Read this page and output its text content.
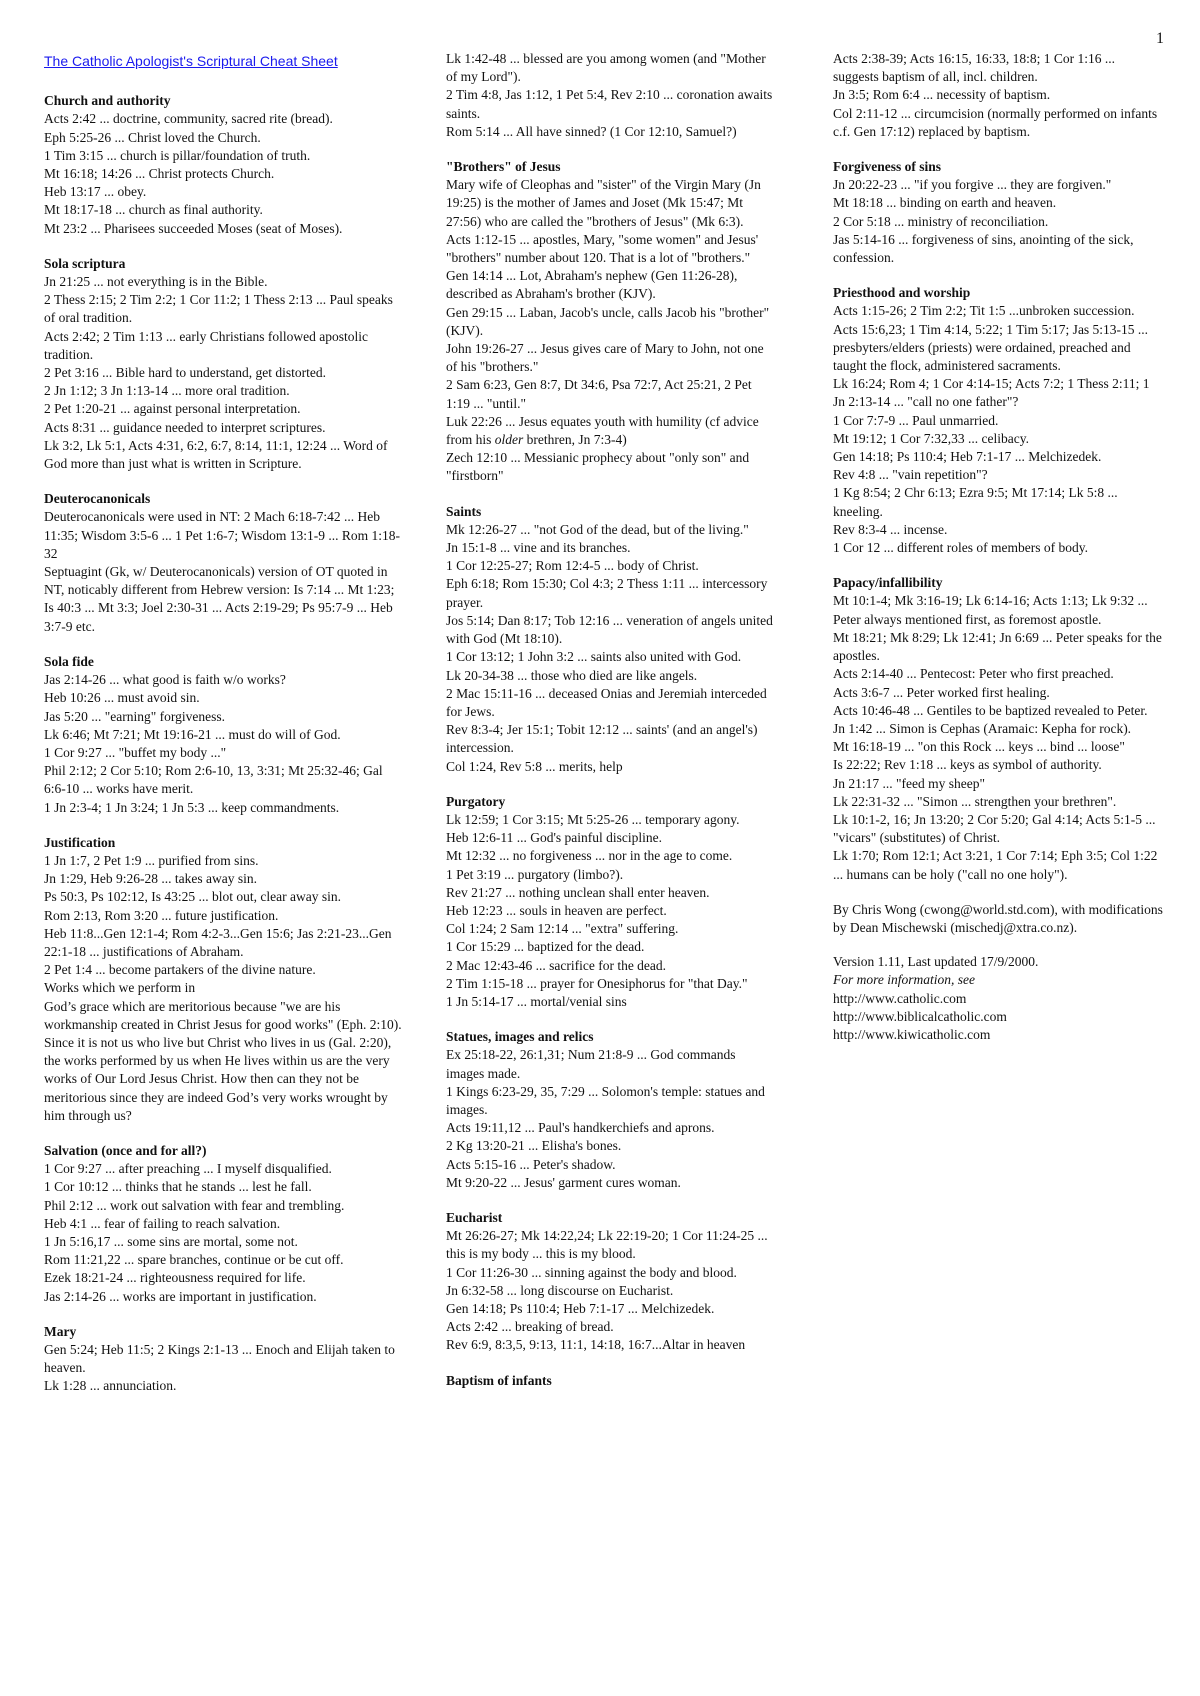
1
The Catholic Apologist's Scriptural Cheat Sheet
Church and authority

Acts 2:42 ... doctrine, community, sacred rite (bread).

Eph 5:25-26 ... Christ loved the Church.

1 Tim 3:15 ... church is pillar/foundation of truth.

Mt 16:18; 14:26 ... Christ protects Church.

Heb 13:17 ... obey.

Mt 18:17-18 ... church as final authority.

Mt 23:2 ... Pharisees succeeded Moses (seat of Moses).

Sola scriptura

Jn 21:25 ... not everything is in the Bible.

2 Thess 2:15; 2 Tim 2:2; 1 Cor 11:2; 1 Thess 2:13 ... Paul speaks of oral tradition.

Acts 2:42; 2 Tim 1:13 ... early Christians followed apostolic tradition.

2 Pet 3:16 ... Bible hard to understand, get distorted.

2 Jn 1:12; 3 Jn 1:13-14 ... more oral tradition.

2 Pet 1:20-21 ... against personal interpretation.

Acts 8:31 ... guidance needed to interpret scriptures.

Lk 3:2, Lk 5:1, Acts 4:31, 6:2, 6:7, 8:14, 11:1, 12:24 ... Word of God more than just what is written in Scripture.

Deuterocanonicals

Deuterocanonicals were used in NT: 2 Mach 6:18-7:42 ... Heb 11:35; Wisdom 3:5-6 ... 1 Pet 1:6-7; Wisdom 13:1-9 ... Rom 1:18-32

Septuagint (Gk, w/ Deuterocanonicals) version of OT quoted in NT, noticably different from Hebrew version: Is 7:14 ... Mt 1:23; Is 40:3 ... Mt 3:3; Joel 2:30-31 ... Acts 2:19-29; Ps 95:7-9 ... Heb 3:7-9 etc.

Sola fide

Jas 2:14-26 ... what good is faith w/o works?

Heb 10:26 ... must avoid sin.

Jas 5:20 ... "earning" forgiveness.

Lk 6:46; Mt 7:21; Mt 19:16-21 ... must do will of God.

1 Cor 9:27 ... "buffet my body ..."

Phil 2:12; 2 Cor 5:10; Rom 2:6-10, 13, 3:31; Mt 25:32-46; Gal 6:6-10 ... works have merit.

1 Jn 2:3-4; 1 Jn 3:24; 1 Jn 5:3 ... keep commandments.

Justification

1 Jn 1:7, 2 Pet 1:9 ... purified from sins.

Jn 1:29, Heb 9:26-28 ... takes away sin.

Ps 50:3, Ps 102:12, Is 43:25 ... blot out, clear away sin.

Rom 2:13, Rom 3:20 ... future justification.

Heb 11:8...Gen 12:1-4; Rom 4:2-3...Gen 15:6; Jas 2:21-23...Gen 22:1-18 ... justifications of Abraham.

2 Pet 1:4 ... become partakers of the divine nature.

Works which we perform in

God’s grace which are meritorious because "we are his workmanship created in Christ Jesus for good works" (Eph. 2:10). Since it is not us who live but Christ who lives in us (Gal. 2:20), the works performed by us when He lives within us are the very works of Our Lord Jesus Christ. How then can they not be meritorious since they are indeed God’s very works wrought by him through us?

Salvation (once and for all?)

1 Cor 9:27 ... after preaching ... I myself disqualified.

1 Cor 10:12 ... thinks that he stands ... lest he fall.

Phil 2:12 ... work out salvation with fear and trembling.

Heb 4:1 ... fear of failing to reach salvation.

1 Jn 5:16,17 ... some sins are mortal, some not.

Rom 11:21,22 ... spare branches, continue or be cut off.

Ezek 18:21-24 ... righteousness required for life.

Jas 2:14-26 ... works are important in justification.

Mary

Gen 5:24; Heb 11:5; 2 Kings 2:1-13 ... Enoch and Elijah taken to heaven.

Lk 1:28 ... annunciation.

Lk 1:42-48 ... blessed are you among women (and "Mother of my Lord").

2 Tim 4:8, Jas 1:12, 1 Pet 5:4, Rev 2:10 ... coronation awaits saints.

Rom 5:14 ... All have sinned? (1 Cor 12:10, Samuel?)

"Brothers" of Jesus

Mary wife of Cleophas and "sister" of the Virgin Mary (Jn 19:25) is the mother of James and Joset (Mk 15:47; Mt 27:56) who are called the "brothers of Jesus" (Mk 6:3).

Acts 1:12-15 ... apostles, Mary, "some women" and Jesus' "brothers" number about 120. That is a lot of "brothers."

Gen 14:14 ... Lot, Abraham's nephew (Gen 11:26-28), described as Abraham's brother (KJV).

Gen 29:15 ... Laban, Jacob's uncle, calls Jacob his "brother" (KJV).

John 19:26-27 ... Jesus gives care of Mary to John, not one of his "brothers."

2 Sam 6:23, Gen 8:7, Dt 34:6, Psa 72:7, Act 25:21, 2 Pet 1:19 ... "until."

Luk 22:26 ... Jesus equates youth with humility (cf advice from his older brethren, Jn 7:3-4)

Zech 12:10 ... Messianic prophecy about "only son" and "firstborn"

Saints

Mk 12:26-27 ... "not God of the dead, but of the living."

Jn 15:1-8 ... vine and its branches.

1 Cor 12:25-27; Rom 12:4-5 ... body of Christ.

Eph 6:18; Rom 15:30; Col 4:3; 2 Thess 1:11 ... intercessory prayer.

Jos 5:14; Dan 8:17; Tob 12:16 ... veneration of angels united with God (Mt 18:10).

1 Cor 13:12; 1 John 3:2 ... saints also united with God.

Lk 20-34-38 ... those who died are like angels.

2 Mac 15:11-16 ... deceased Onias and Jeremiah interceded for Jews.

Rev 8:3-4; Jer 15:1; Tobit 12:12 ... saints' (and an angel's) intercession.

Col 1:24, Rev 5:8 ... merits, help

Purgatory

Lk 12:59; 1 Cor 3:15; Mt 5:25-26 ... temporary agony.

Heb 12:6-11 ... God's painful discipline.

Mt 12:32 ... no forgiveness ... nor in the age to come.

1 Pet 3:19 ... purgatory (limbo?).

Rev 21:27 ... nothing unclean shall enter heaven.

Heb 12:23 ... souls in heaven are perfect.

Col 1:24; 2 Sam 12:14 ... "extra" suffering.

1 Cor 15:29 ... baptized for the dead.

2 Mac 12:43-46 ... sacrifice for the dead.

2 Tim 1:15-18 ... prayer for Onesiphorus for "that Day."

1 Jn 5:14-17 ... mortal/venial sins

Statues, images and relics

Ex 25:18-22, 26:1,31; Num 21:8-9 ... God commands images made.

1 Kings 6:23-29, 35, 7:29 ... Solomon's temple: statues and images.

Acts 19:11,12 ... Paul's handkerchiefs and aprons.

2 Kg 13:20-21 ... Elisha's bones.

Acts 5:15-16 ... Peter's shadow.

Mt 9:20-22 ... Jesus' garment cures woman.

Eucharist

Mt 26:26-27; Mk 14:22,24; Lk 22:19-20; 1 Cor 11:24-25 ... this is my body ... this is my blood.

1 Cor 11:26-30 ... sinning against the body and blood.

Jn 6:32-58 ... long discourse on Eucharist.

Gen 14:18; Ps 110:4; Heb 7:1-17 ... Melchizedek.

Acts 2:42 ... breaking of bread.

Rev 6:9, 8:3,5, 9:13, 11:1, 14:18, 16:7...Altar in heaven

Baptism of infants

Acts 2:38-39; Acts 16:15, 16:33, 18:8; 1 Cor 1:16 ... suggests baptism of all, incl. children.

Jn 3:5; Rom 6:4 ... necessity of baptism.

Col 2:11-12 ... circumcision (normally performed on infants c.f. Gen 17:12) replaced by baptism.

Forgiveness of sins

Jn 20:22-23 ... "if you forgive ... they are forgiven."

Mt 18:18 ... binding on earth and heaven.

2 Cor 5:18 ... ministry of reconciliation.

Jas 5:14-16 ... forgiveness of sins, anointing of the sick, confession.

Priesthood and worship

Acts 1:15-26; 2 Tim 2:2; Tit 1:5 ...unbroken succession.

Acts 15:6,23; 1 Tim 4:14, 5:22; 1 Tim 5:17; Jas 5:13-15 ... presbyters/elders (priests) were ordained, preached and taught the flock, administered sacraments.

Lk 16:24; Rom 4; 1 Cor 4:14-15; Acts 7:2; 1 Thess 2:11; 1 Jn 2:13-14 ... "call no one father"?

1 Cor 7:7-9 ... Paul unmarried.

Mt 19:12; 1 Cor 7:32,33 ... celibacy.

Gen 14:18; Ps 110:4; Heb 7:1-17 ... Melchizedek.

Rev 4:8 ... "vain repetition"?

1 Kg 8:54; 2 Chr 6:13; Ezra 9:5; Mt 17:14; Lk 5:8 ... kneeling.

Rev 8:3-4 ... incense.

1 Cor 12 ... different roles of members of body.

Papacy/infallibility

Mt 10:1-4; Mk 3:16-19; Lk 6:14-16; Acts 1:13; Lk 9:32 ... Peter always mentioned first, as foremost apostle.

Mt 18:21; Mk 8:29; Lk 12:41; Jn 6:69 ... Peter speaks for the apostles.

Acts 2:14-40 ... Pentecost: Peter who first preached.

Acts 3:6-7 ... Peter worked first healing.

Acts 10:46-48 ... Gentiles to be baptized revealed to Peter.

Jn 1:42 ... Simon is Cephas (Aramaic: Kepha for rock).

Mt 16:18-19 ... "on this Rock ... keys ... bind ... loose"

Is 22:22; Rev 1:18 ... keys as symbol of authority.

Jn 21:17 ... "feed my sheep"

Lk 22:31-32 ... "Simon ... strengthen your brethren".

Lk 10:1-2, 16; Jn 13:20; 2 Cor 5:20; Gal 4:14; Acts 5:1-5 ... "vicars" (substitutes) of Christ.

Lk 1:70; Rom 12:1; Act 3:21, 1 Cor 7:14; Eph 3:5; Col 1:22 ... humans can be holy ("call no one holy").

By Chris Wong (cwong@world.std.com), with modifications by Dean Mischewski (mischedj@xtra.co.nz).

Version 1.11, Last updated 17/9/2000.

For more information, see

http://www.catholic.com

http://www.biblicalcatholic.com

http://www.kiwicatholic.com
